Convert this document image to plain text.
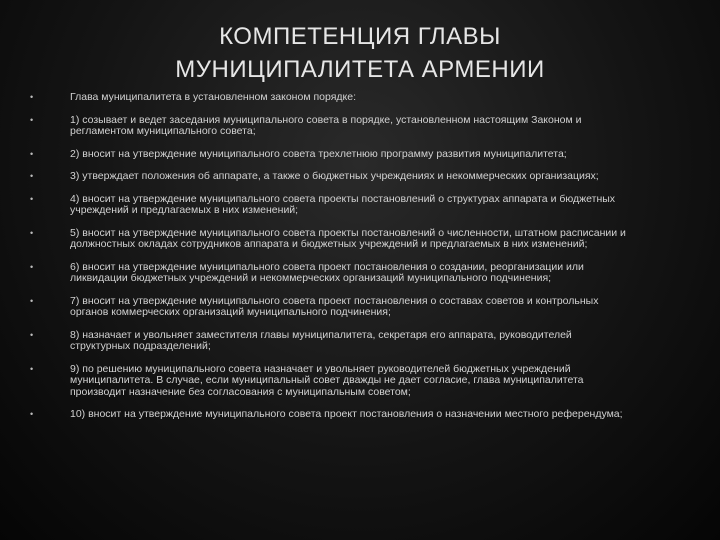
КОМПЕТЕНЦИЯ ГЛАВЫ
МУНИЦИПАЛИТЕТА АРМЕНИИ
•	Глава муниципалитета в установленном законом порядке:
•	1) созывает и ведет заседания муниципального совета в порядке, установленном настоящим Законом и регламентом муниципального совета;
•	2) вносит на утверждение муниципального совета трехлетнюю программу развития муниципалитета;
•	3) утверждает положения об аппарате, а также о бюджетных учреждениях и некоммерческих организациях;
•	4) вносит на утверждение муниципального совета проекты постановлений о структурах аппарата и бюджетных учреждений и предлагаемых в них изменений;
•	5) вносит на утверждение муниципального совета проекты постановлений о численности, штатном расписании и должностных окладах сотрудников аппарата и бюджетных учреждений и предлагаемых в них изменений;
•	6) вносит на утверждение муниципального совета проект постановления о создании, реорганизации или ликвидации бюджетных учреждений и некоммерческих организаций муниципального подчинения;
•	7) вносит на утверждение муниципального совета проект постановления о составах советов и контрольных органов коммерческих организаций муниципального подчинения;
•	8) назначает и увольняет заместителя главы муниципалитета, секретаря его аппарата, руководителей структурных подразделений;
•	9) по решению муниципального совета назначает и увольняет руководителей бюджетных учреждений муниципалитета. В случае, если муниципальный совет дважды не дает согласие, глава муниципалитета производит назначение без согласования с муниципальным советом;
•	10) вносит на утверждение муниципального совета проект постановления о назначении местного референдума;
